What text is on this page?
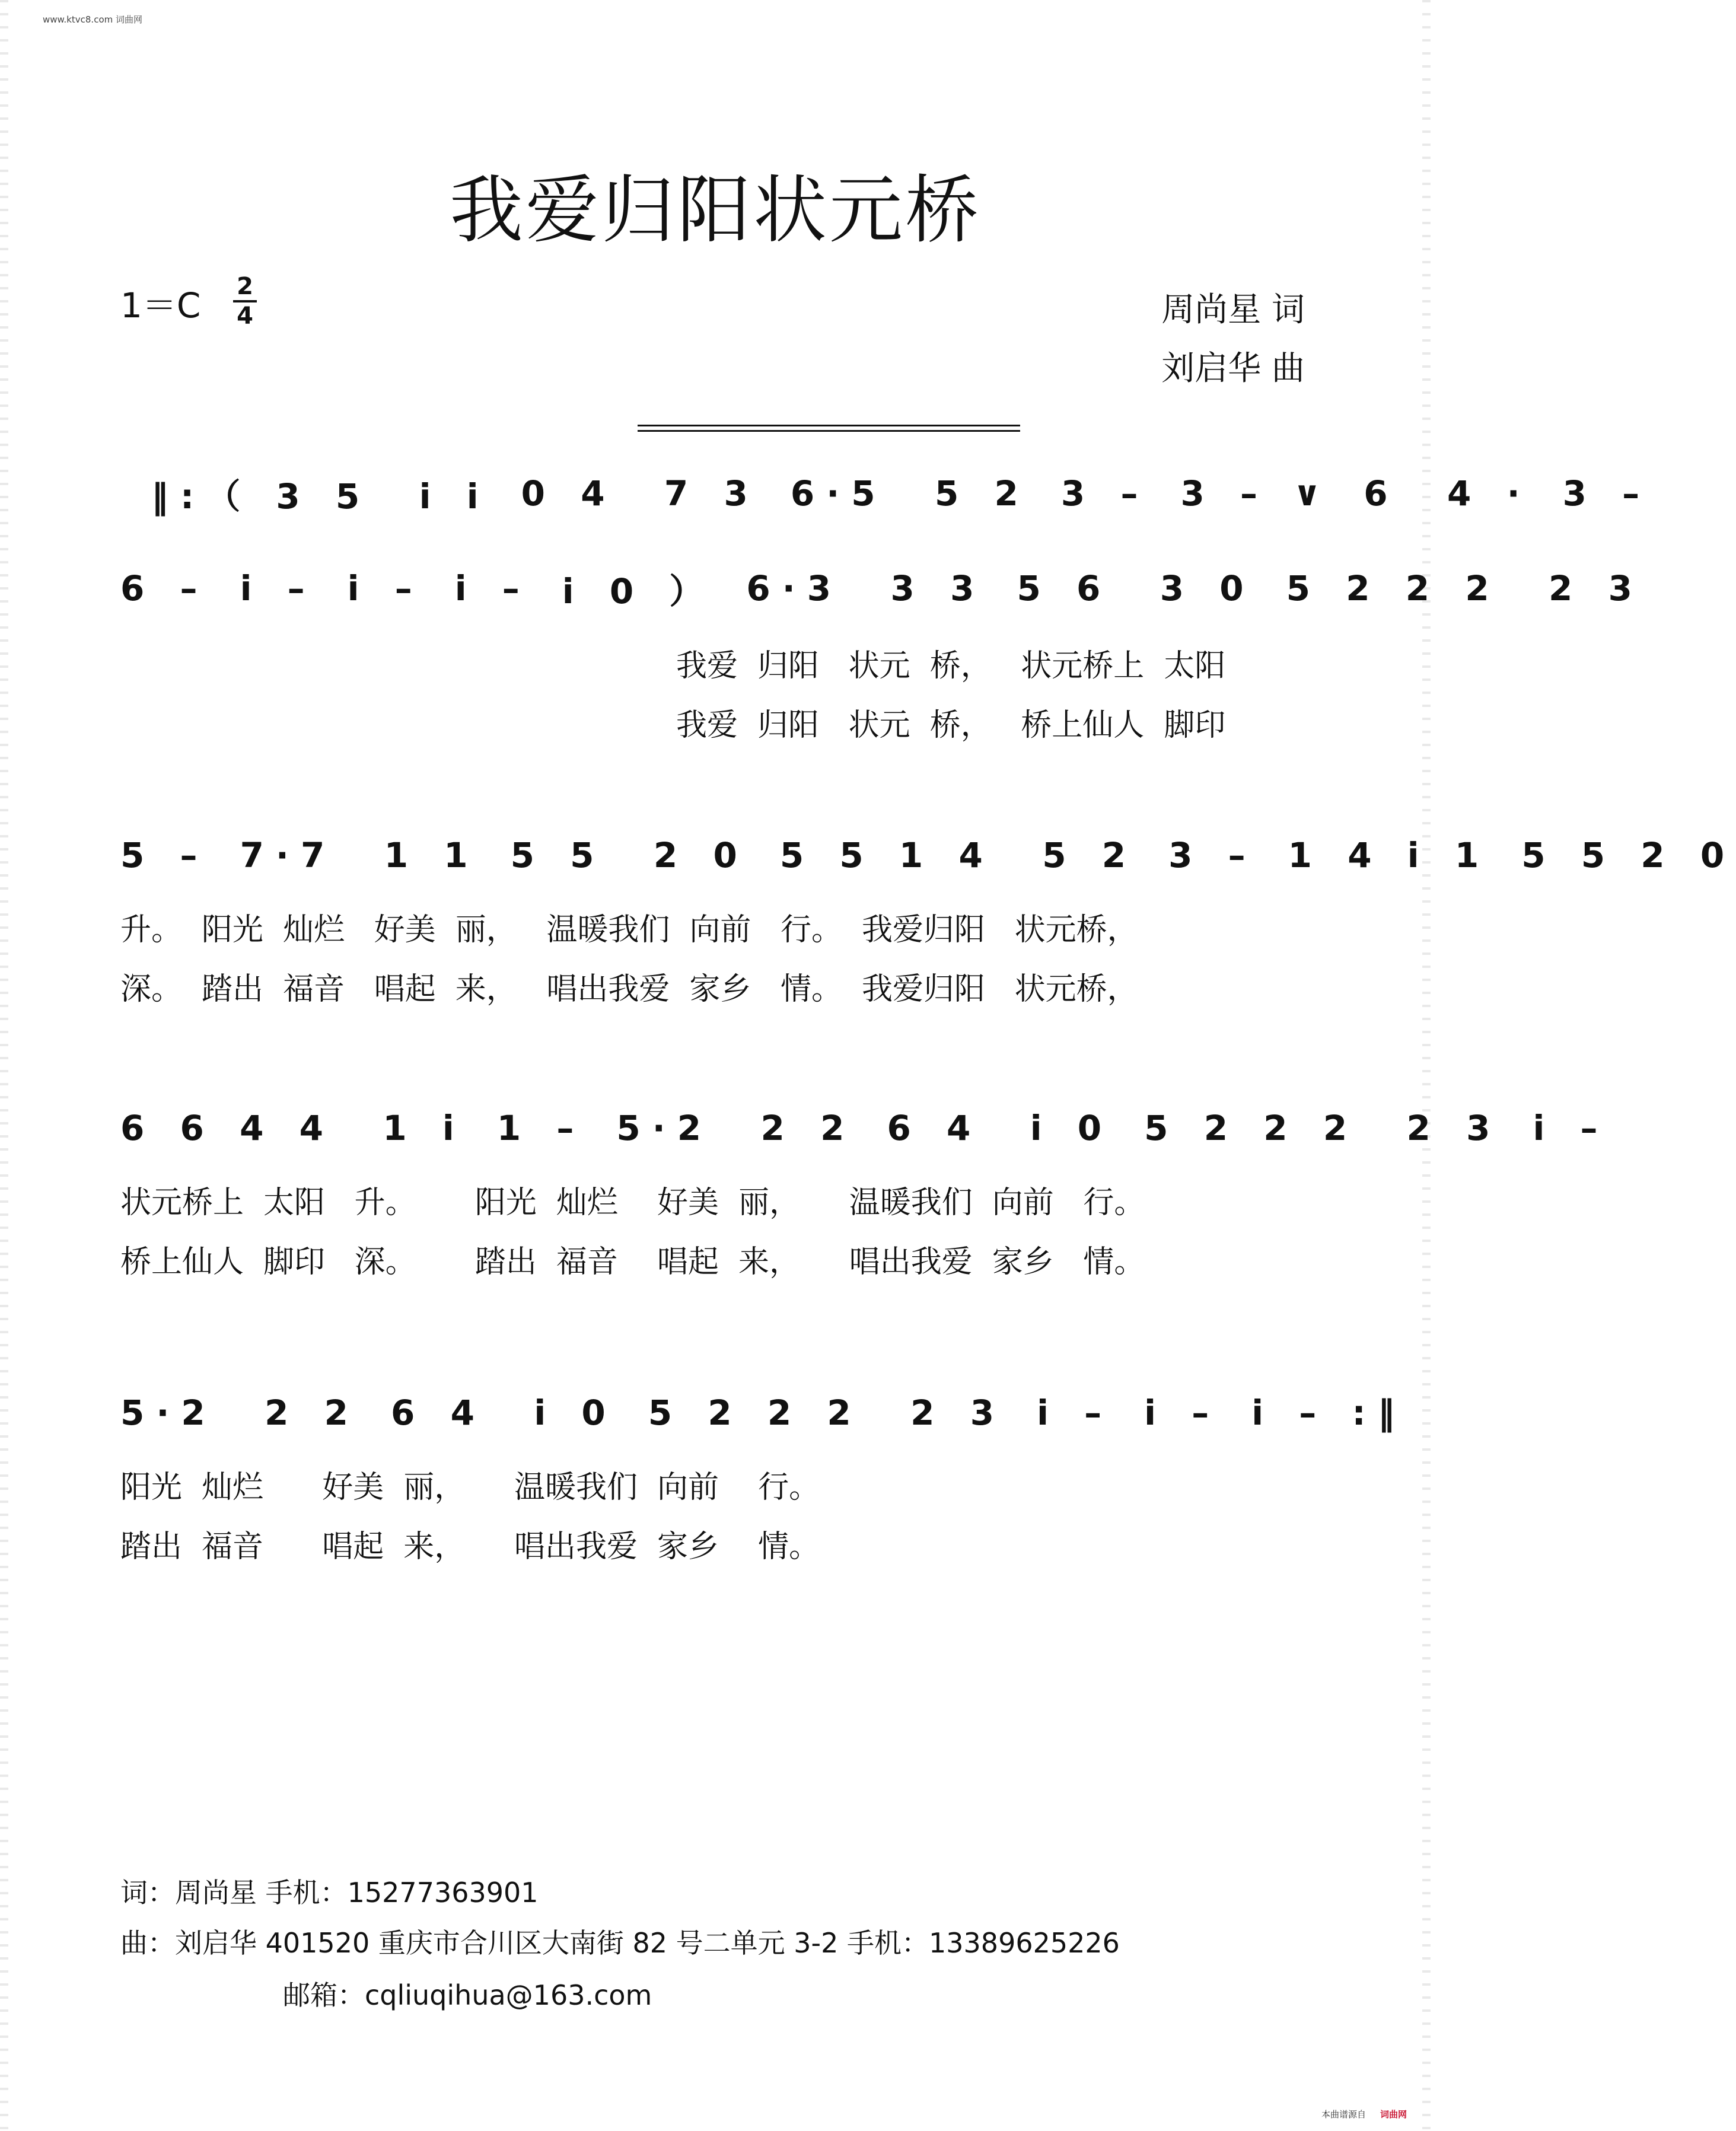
www.ktvc8.com 词曲网
我爱归阳状元桥
1＝C 2
4	周尚星 词
刘启华 曲
‖:（ 3 5  i i 0 4  7 3 6·5  5 2 3 – 3 – ∨ 6  4 · 3 –
6 – i – i – i – i 0 ） 6·3  3 3 5 6  3 0 5 2 2 2  2 3
我爱  归阳   状元  桥，   状元桥上  太阳
我爱  归阳   状元  桥，   桥上仙人  脚印
5 – 7·7  1 1 5 5  2 0 5 5 1 4  5 2 3 – 1 4 i 1 5 5 2 0
升。  阳光  灿烂   好美  丽，   温暖我们  向前   行。  我爱归阳   状元桥，
深。  踏出  福音   唱起  来，   唱出我爱  家乡   情。  我爱归阳   状元桥，
6 6 4 4  1 i 1 – 5·2  2 2 6 4  i 0 5 2 2 2  2 3 i –
状元桥上  太阳   升。      阳光  灿烂    好美  丽，     温暖我们  向前   行。
桥上仙人  脚印   深。      踏出  福音    唱起  来，     唱出我爱  家乡   情。
5·2  2 2 6 4  i 0 5 2 2 2  2 3 i – i – i – :‖
阳光  灿烂      好美  丽，     温暖我们  向前    行。
踏出  福音      唱起  来，     唱出我爱  家乡    情。
词：周尚星 手机：15277363901
曲：刘启华 401520 重庆市合川区大南街 82 号二单元 3-2 手机：13389625226
邮箱：cqliuqihua@163.com
本曲谱源自 词曲网
